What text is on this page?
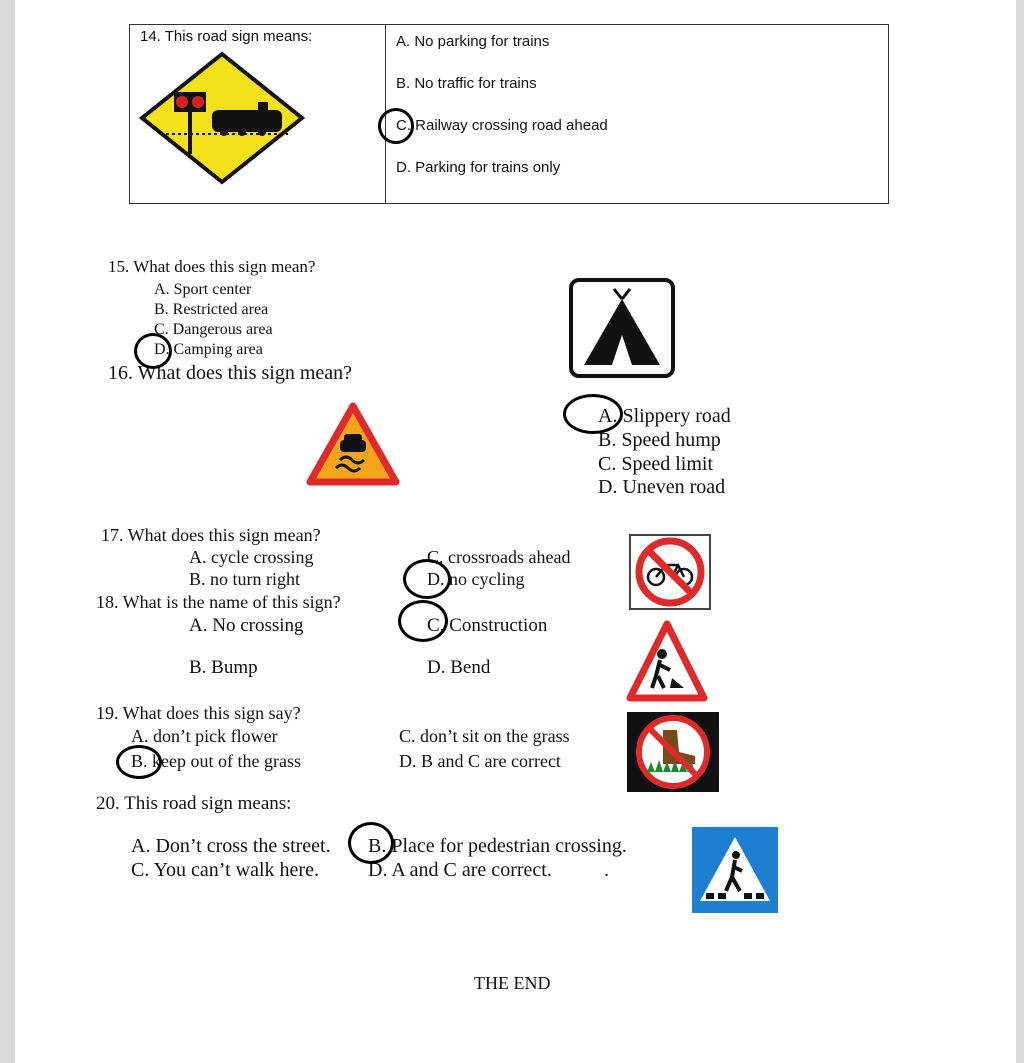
14. This road sign means:	A. No parking for trains
B. No traffic for trains
C. Railway crossing road ahead
D. Parking for trains only
15. What does this sign mean?
A. Sport center
B. Restricted area
C. Dangerous area
D. Camping area
16. What does this sign mean?
A. Slippery road
B. Speed hump
C. Speed limit
D. Uneven road
17. What does this sign mean?
A. cycle crossing
B. no turn right
C. crossroads ahead
D. no cycling
18. What is the name of this sign?
A. No crossing
B. Bump
C. Construction
D. Bend
19. What does this sign say?
A. don’t pick flower
B. keep out of the grass
C. don’t sit on the grass
D. B and C are correct
20. This road sign means:
A. Don’t cross the street. B. Place for pedestrian crossing.
C. You can’t walk here. D. A and C are correct.	.
THE END
